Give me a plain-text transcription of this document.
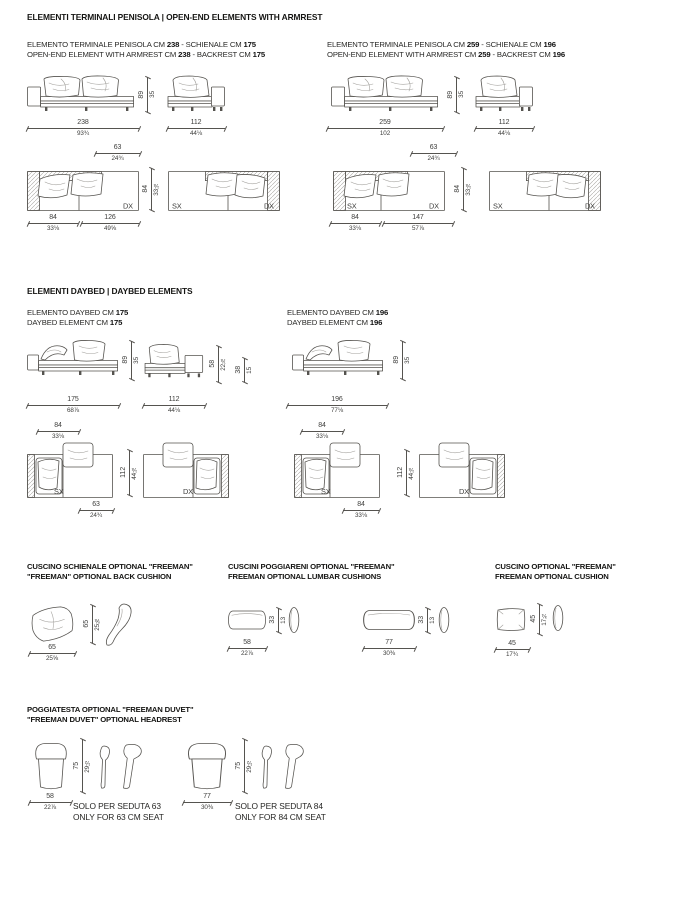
ELEMENTI TERMINALI PENISOLA | OPEN-END ELEMENTS WITH ARMREST
ELEMENTO TERMINALE PENISOLA CM 238 - SCHIENALE CM 175
OPEN-END ELEMENT WITH ARMREST CM 238 - BACKREST CM 175
89 35
238
93¾
112
44⅛
63
24¾
DX
84 33⅛
SX	DX
84
33⅛
126
49⅝
ELEMENTO TERMINALE PENISOLA CM 259 - SCHIENALE CM 196
OPEN-END ELEMENT WITH ARMREST CM 259 - BACKREST CM 196
89 35
259
102
112
44⅛
63
24¾
SX	DX
84 33⅛
SX	DX
84
33⅛
147
57⅞
ELEMENTI DAYBED | DAYBED ELEMENTS
ELEMENTO DAYBED CM 175
DAYBED ELEMENT CM 175
89 35
58 22⅞ 38 15
175
68⅞
112
44⅛
84
33⅛
SX
112 44⅛
63
24¾
DX
ELEMENTO DAYBED CM 196
DAYBED ELEMENT CM 196
89 35
196
77⅛
84
33⅛
SX
112 44⅛
84
33⅛
DX
CUSCINO SCHIENALE OPTIONAL "FREEMAN"
"FREEMAN" OPTIONAL BACK CUSHION
65 25⅝
65
25⅝
CUSCINI POGGIARENI OPTIONAL "FREEMAN"
FREEMAN OPTIONAL LUMBAR CUSHIONS
33 13
58
22⅞
33 13
77
30⅜
CUSCINO OPTIONAL "FREEMAN"
FREEMAN OPTIONAL CUSHION
45 17¾
45
17¾
POGGIATESTA OPTIONAL "FREEMAN DUVET"
"FREEMAN DUVET" OPTIONAL HEADREST
75 29½
58
22⅞ SOLO PER SEDUTA 63
ONLY FOR 63 CM SEAT
75 29½
77
30⅜	SOLO PER SEDUTA 84
ONLY FOR 84 CM SEAT
